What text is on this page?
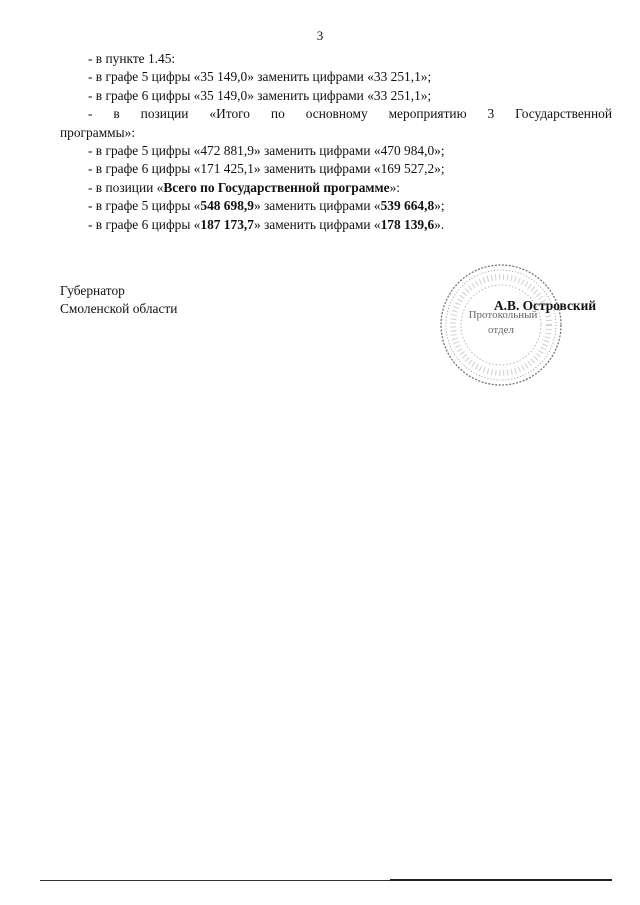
3
- в пункте 1.45:
- в графе 5 цифры «35 149,0» заменить цифрами «33 251,1»;
- в графе 6 цифры «35 149,0» заменить цифрами «33 251,1»;
- в позиции «Итого по основному мероприятию 3 Государственной
программы»:
- в графе 5 цифры «472 881,9» заменить цифрами «470 984,0»;
- в графе 6 цифры «171 425,1» заменить цифрами «169 527,2»;
- в позиции «Всего по Государственной программе»:
- в графе 5 цифры «548 698,9» заменить цифрами «539 664,8»;
- в графе 6 цифры «187 173,7» заменить цифрами «178 139,6».
Губернатор
Смоленской области	Протокольный
отдел
А.В. Островский
